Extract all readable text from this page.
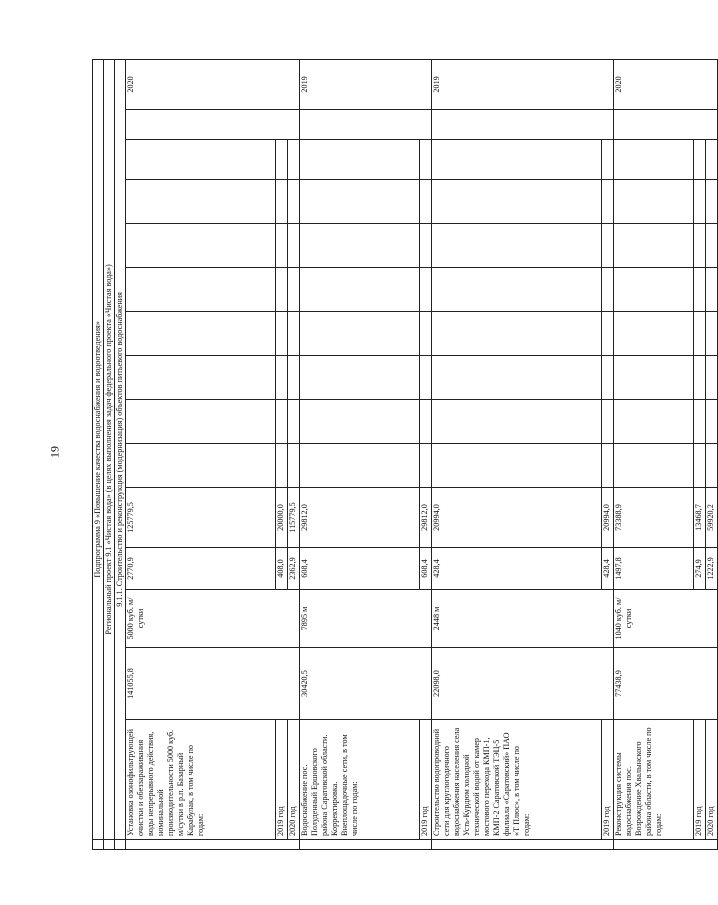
19
		Подпрограмма 9 «Повышение качества водоснабжения и водоотведения»														
	Региональный проект 9.1 «Чистая вода» (в целях выполнения задач федерального проекта «Чистая вода»)														
	9.1.1. Строительство и реконструкция (модернизация) объектов питьевого водоснабжения														
	Установка озонофильтрующей очистки и обеззараживания воды непрерывного действия, номинальной производительности 5000 куб. м/сутки в р.п. Базарный Карабулак, в том числе по годам:	141055,8	5000 куб. м/сутки	2770,9	125779,5										2020
	2019 год			408,0	20000,0										
	2020 год			2362,9	115779,5										
	Водоснабжение пос. Полуденный Ершовского района Саратовской области. Корректировка. Внеплощадочные сети, в том числе по годам:	30420,5	7895 м	608,4	29812,0										2019
	2019 год			608,4	29812,0										
	Строительство водопроводной сети для круглогодичного водоснабжения населения села Усть-Курдюм холодной технической водой от камер мостового перехода КМП-1, КМП-2 Саратовской ТЭЦ-5 филиала «Саратовский» ПАО «Т Плюс», в том числе по годам:	22098,0	2448 м	428,4	20994,0										2019
	2019 год			428,4	20994,0										
	Реконструкция системы водоснабжения пос. Возрождение Хвалынского района области, в том числе по годам:	77438,9	1040 куб. м/сутки	1497,8	73388,9										2020
	2019 год			274,9	13468,7										
	2020 год			1222,9	59920,2										
